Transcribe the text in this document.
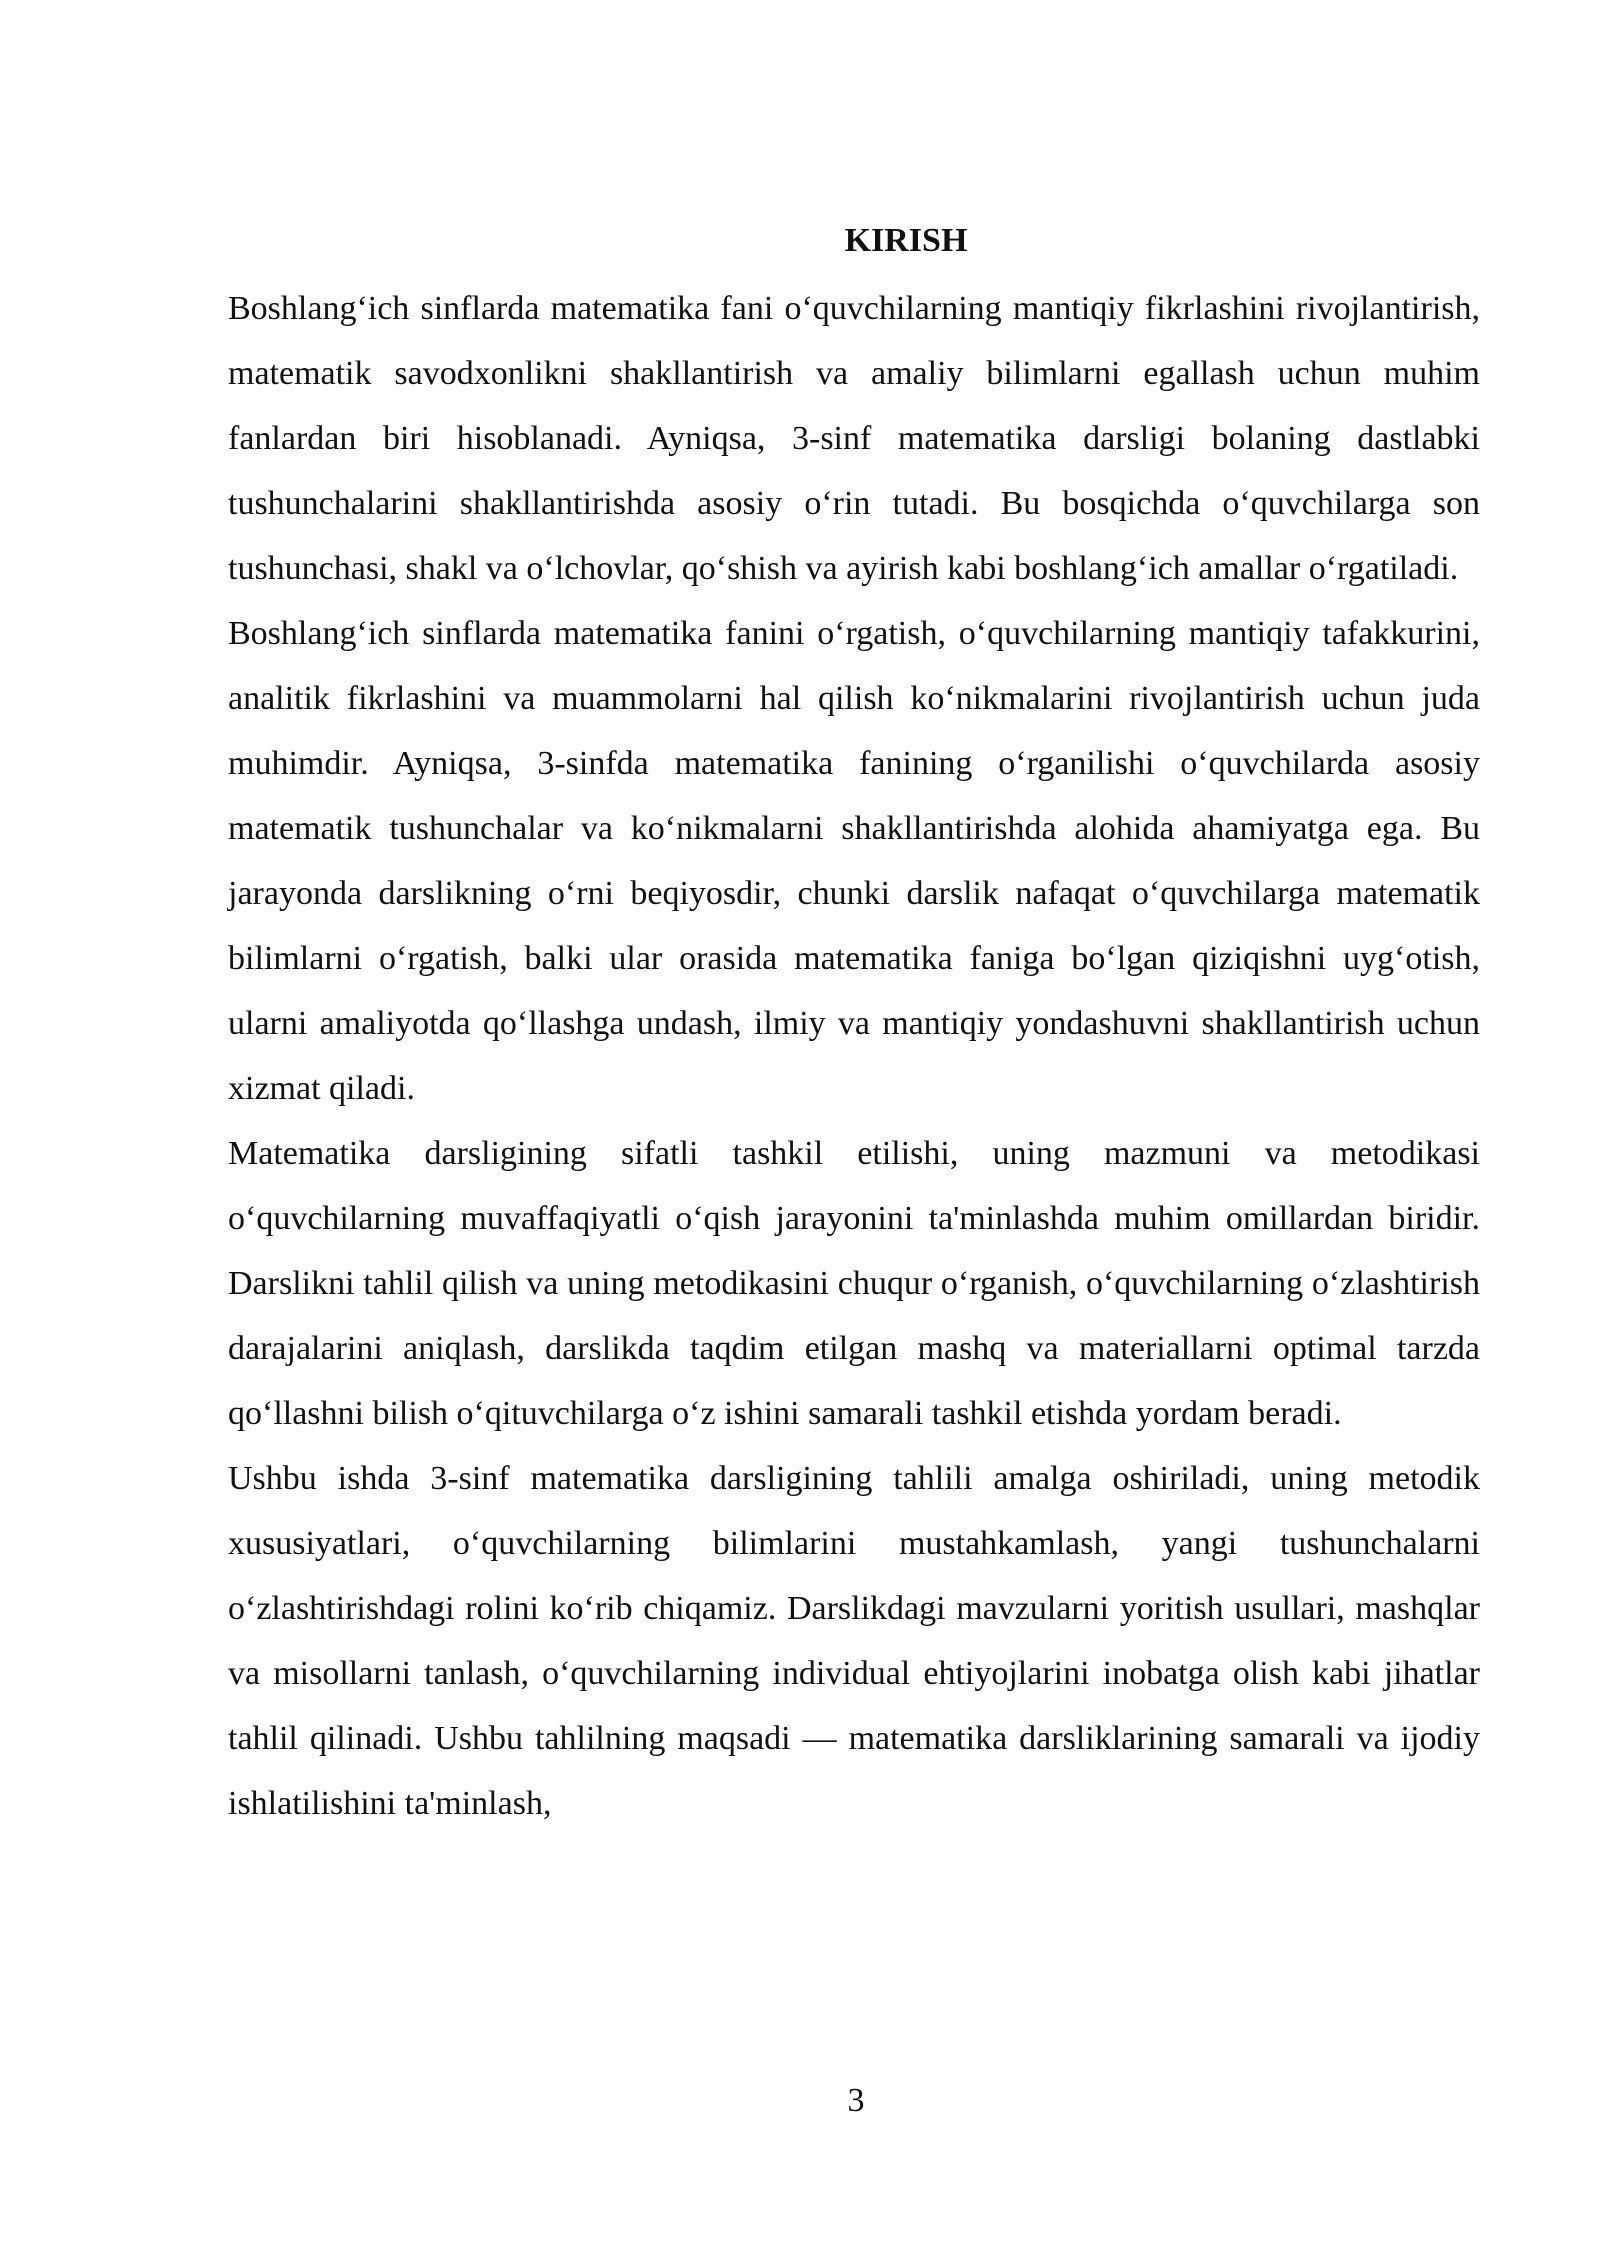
KIRISH

Boshlang‘ich sinflarda matematika fani o‘quvchilarning mantiqiy fikrlashini rivojlantirish, matematik savodxonlikni shakllantirish va amaliy bilimlarni egallash uchun muhim fanlardan biri hisoblanadi. Ayniqsa, 3-sinf matematika darsligi bolaning dastlabki tushunchalarini shakllantirishda asosiy o‘rin tutadi. Bu bosqichda o‘quvchilarga son tushunchasi, shakl va o‘lchovlar, qo‘shish va ayirish kabi boshlang‘ich amallar o‘rgatiladi.

Boshlang‘ich sinflarda matematika fanini o‘rgatish, o‘quvchilarning mantiqiy tafakkurini, analitik fikrlashini va muammolarni hal qilish ko‘nikmalarini rivojlantirish uchun juda muhimdir. Ayniqsa, 3-sinfda matematika fanining o‘rganilishi o‘quvchilarda asosiy matematik tushunchalar va ko‘nikmalarni shakllantirishda alohida ahamiyatga ega. Bu jarayonda darslikning o‘rni beqiyosdir, chunki darslik nafaqat o‘quvchilarga matematik bilimlarni o‘rgatish, balki ular orasida matematika faniga bo‘lgan qiziqishni uyg‘otish, ularni amaliyotda qo‘llashga undash, ilmiy va mantiqiy yondashuvni shakllantirish uchun xizmat qiladi.

Matematika darsligining sifatli tashkil etilishi, uning mazmuni va metodikasi o‘quvchilarning muvaffaqiyatli o‘qish jarayonini ta'minlashda muhim omillardan biridir. Darslikni tahlil qilish va uning metodikasini chuqur o‘rganish, o‘quvchilarning o‘zlashtirish darajalarini aniqlash, darslikda taqdim etilgan mashq va materiallarni optimal tarzda qo‘llashni bilish o‘qituvchilarga o‘z ishini samarali tashkil etishda yordam beradi.

Ushbu ishda 3-sinf matematika darsligining tahlili amalga oshiriladi, uning metodik xususiyatlari, o‘quvchilarning bilimlarini mustahkamlash, yangi tushunchalarni o‘zlashtirishdagi rolini ko‘rib chiqamiz. Darslikdagi mavzularni yoritish usullari, mashqlar va misollarni tanlash, o‘quvchilarning individual ehtiyojlarini inobatga olish kabi jihatlar tahlil qilinadi. Ushbu tahlilning maqsadi — matematika darsliklarining samarali va ijodiy ishlatilishini ta'minlash,

3
